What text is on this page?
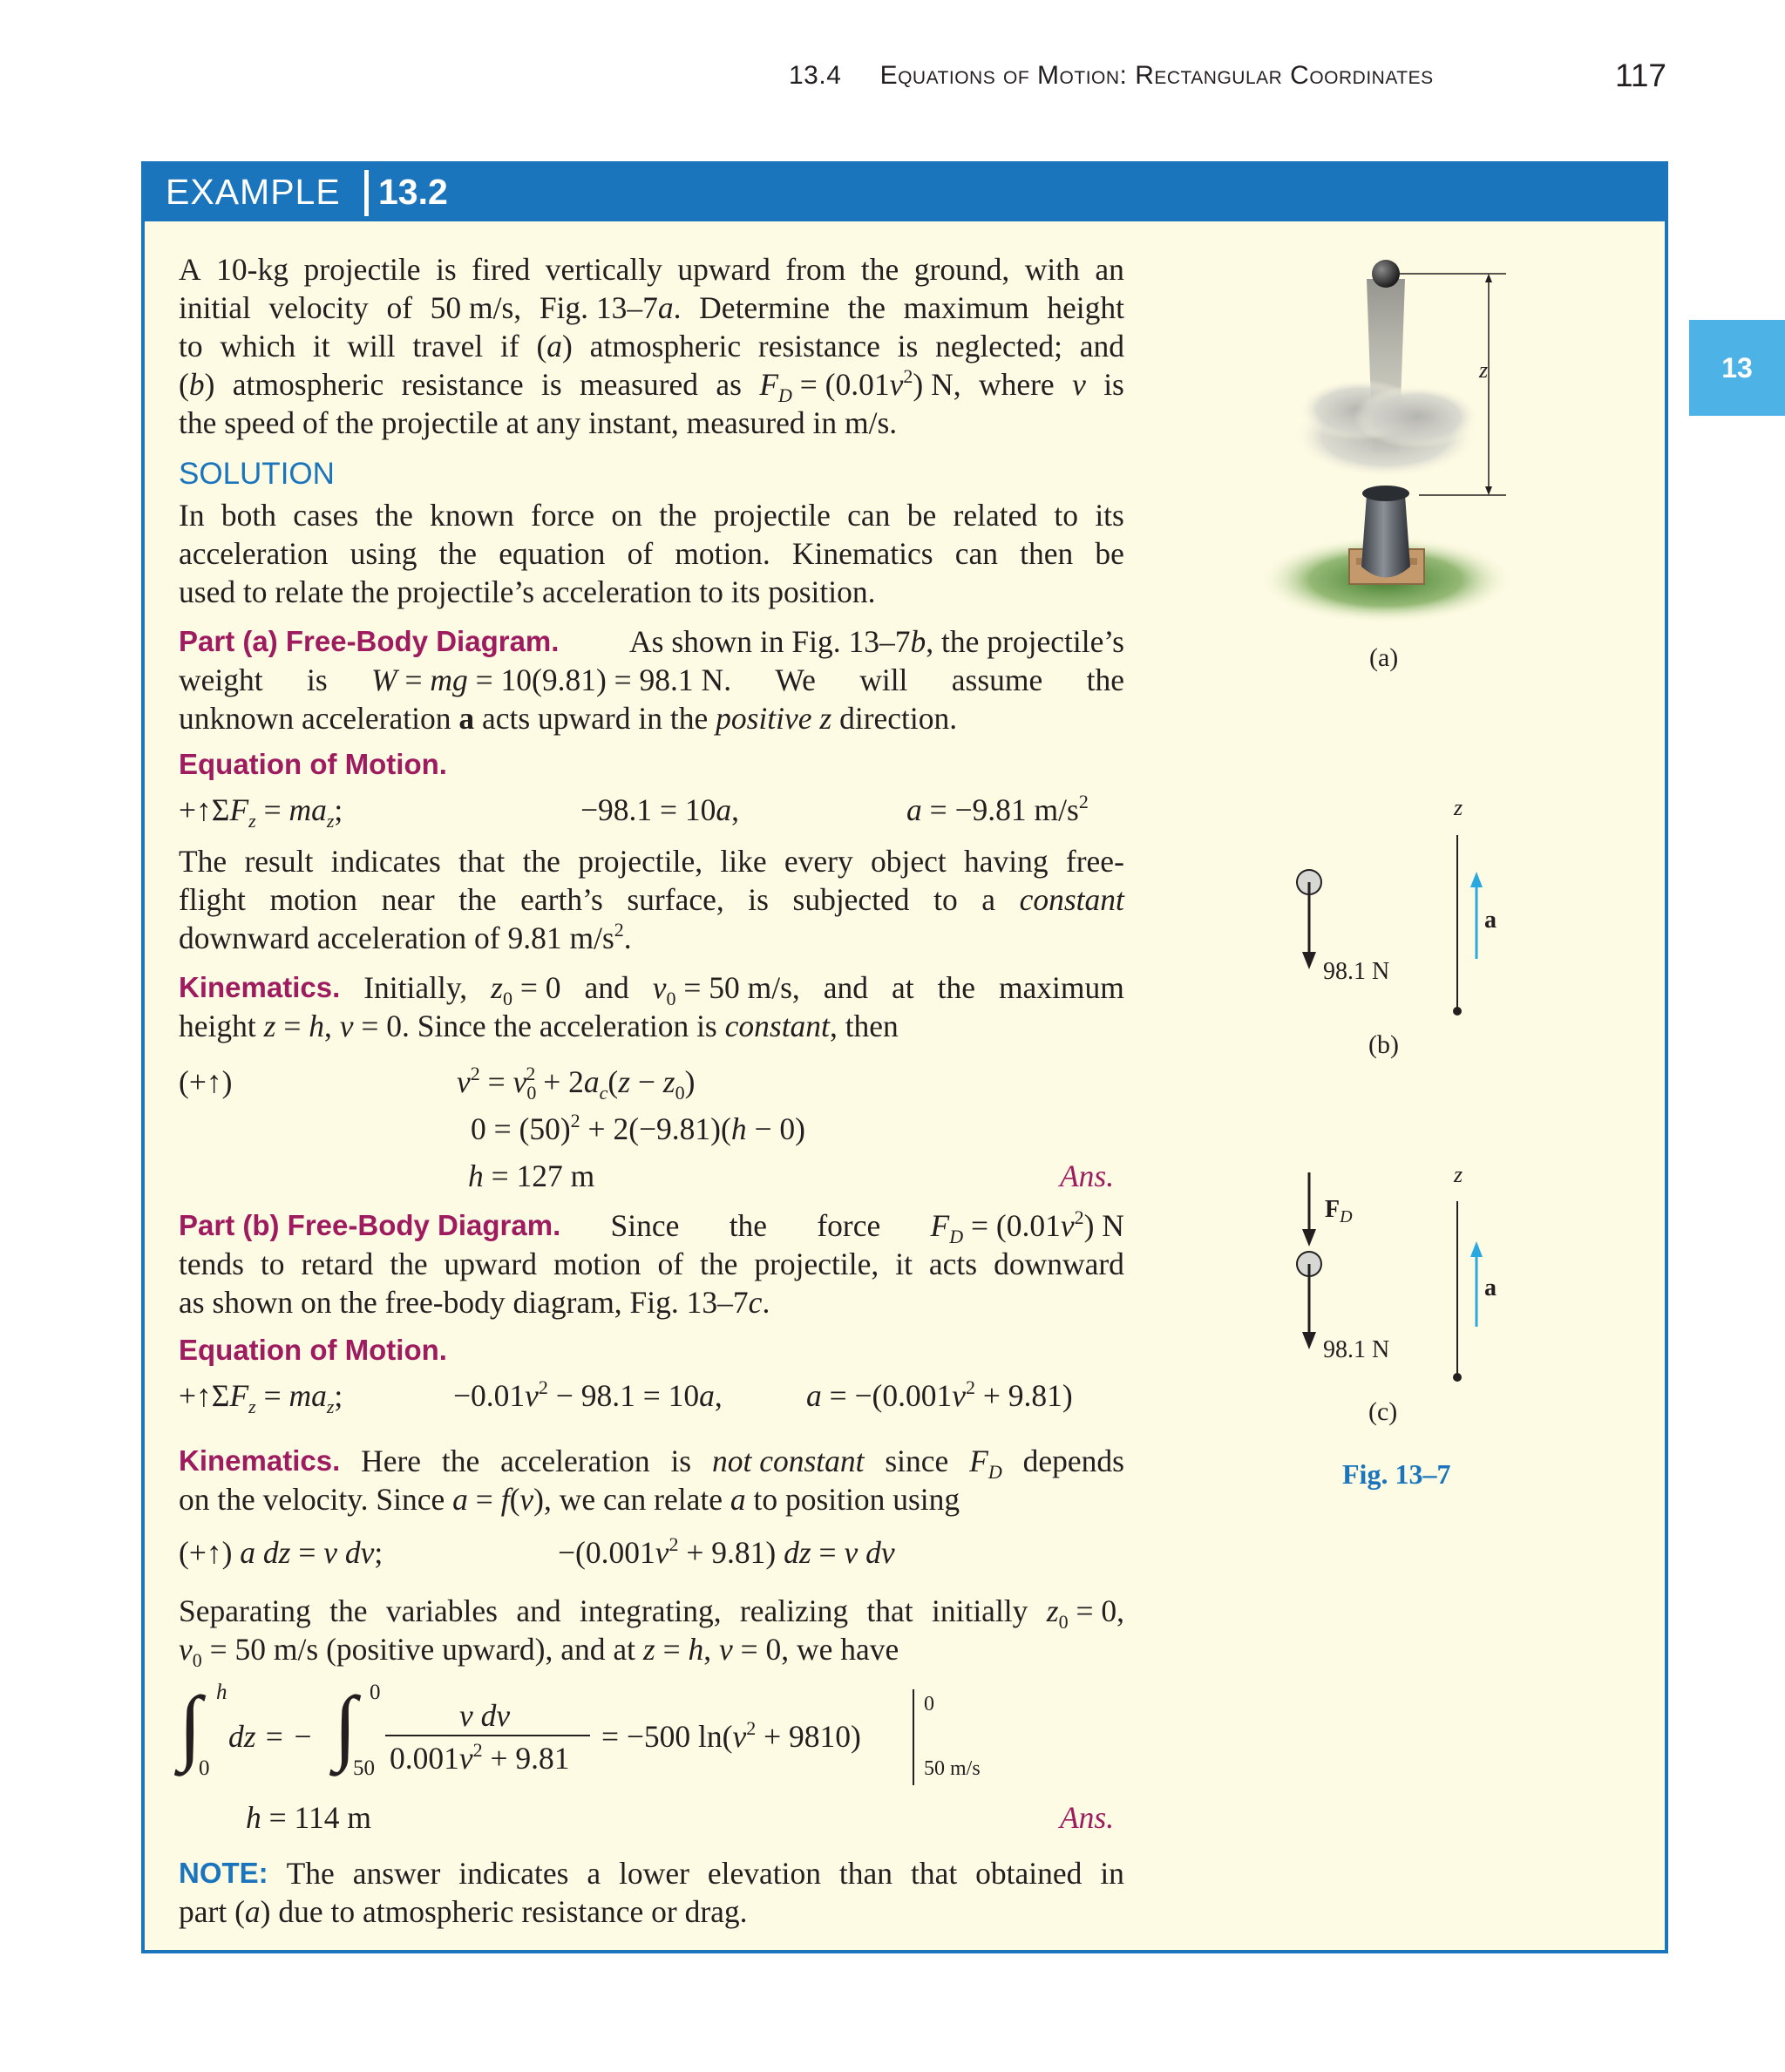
13.4 Equations of Motion: Rectangular Coordinates	117
13
EXAMPLE 13.2
A 10-kg projectile is fired vertically upward from the ground, with an
initial velocity of 50 m/s, Fig. 13–7a. Determine the maximum height
to which it will travel if (a) atmospheric resistance is neglected; and
(b) atmospheric resistance is measured as $F_D = (0.01v^2)$ N, where v is
the speed of the projectile at any instant, measured in m/s.
SOLUTION
In both cases the known force on the projectile can be related to its
acceleration using the equation of motion. Kinematics can then be
used to relate the projectile’s acceleration to its position.
Part (a) Free-Body Diagram. As shown in Fig. 13–7b, the projectile’s
weight is W = mg = 10(9.81) = 98.1 N. We will assume the
unknown acceleration a acts upward in the positive z direction.
Equation of Motion.
$+↑\Sigma F_z = ma_z$;	−98.1 = 10a,	a = −9.81 $m/s^2$
The result indicates that the projectile, like every object having free-
flight motion near the earth’s surface, is subjected to a constant
downward acceleration of 9.81 $m/s^2$.
Kinematics. Initially, $z_0 = 0$ and $v_0 = 50$ m/s, and at the maximum
height z = h, v = 0. Since the acceleration is constant, then
(+↑)	$v^2 = v_0^2 + 2a_c(z - z_0)$
$0 = (50)^2 + 2(-9.81)(h - 0)$
h = 127 m	Ans.
Part (b) Free-Body Diagram. Since the force $F_D = (0.01v^2)$ N
tends to retard the upward motion of the projectile, it acts downward
as shown on the free-body diagram, Fig. 13–7c.
Equation of Motion.
$+↑\Sigma F_z = ma_z$;	$-0.01v^2 - 98.1 = 10a$,	$a = -(0.001v^2 + 9.81)$
Kinematics. Here the acceleration is not constant since $F_D$ depends
on the velocity. Since a = f(v), we can relate a to position using
(+↑) a dz = v dv;	$-(0.001v^2 + 9.81)$ dz = v dv
Separating the variables and integrating, realizing that initially $z_0 = 0$,
$v_0 = 50$ m/s (positive upward), and at z = h, v = 0, we have
∫ h
0
dz = − ∫ 0
50
v dv
$0.001v^2 + 9.81$
= −500 $\ln(v^2 + 9810)$
0
50 m/s
h = 114 m	Ans.
NOTE: The answer indicates a lower elevation than that obtained in
part (a) due to atmospheric resistance or drag.
z
(a)
z
a
98.1 N
(b)
z
$F_D$
a
98.1 N
(c)
Fig. 13–7
